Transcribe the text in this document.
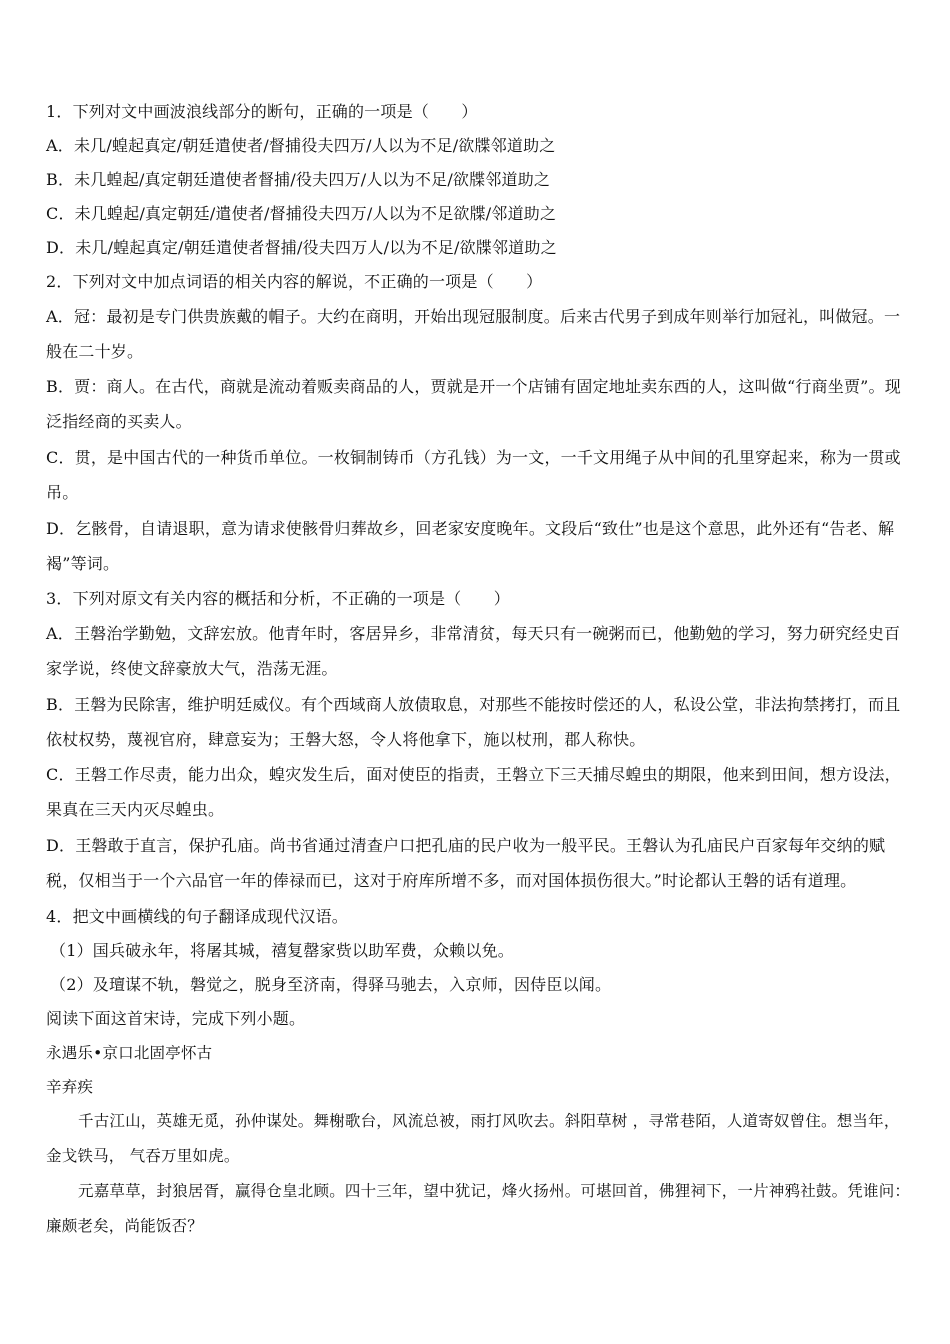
1．下列对文中画波浪线部分的断句，正确的一项是（　　）
A．未几/蝗起真定/朝廷遣使者/督捕役夫四万/人以为不足/欲牒邻道助之
B．未几蝗起/真定朝廷遣使者督捕/役夫四万/人以为不足/欲牒邻道助之
C．未几蝗起/真定朝廷/遣使者/督捕役夫四万/人以为不足欲牒/邻道助之
D．未几/蝗起真定/朝廷遣使者督捕/役夫四万人/以为不足/欲牒邻道助之
2．下列对文中加点词语的相关内容的解说，不正确的一项是（　　）
A．冠：最初是专门供贵族戴的帽子。大约在商明，开始出现冠服制度。后来古代男子到成年则举行加冠礼，叫做冠。一般在二十岁。
B．贾：商人。在古代，商就是流动着贩卖商品的人，贾就是开一个店铺有固定地址卖东西的人，这叫做“行商坐贾”。现泛指经商的买卖人。
C．贯，是中国古代的一种货币单位。一枚铜制铸币（方孔钱）为一文，一千文用绳子从中间的孔里穿起来，称为一贯或吊。
D．乞骸骨，自请退职，意为请求使骸骨归葬故乡，回老家安度晚年。文段后“致仕”也是这个意思，此外还有“告老、解褐”等词。
3．下列对原文有关内容的概括和分析，不正确的一项是（　　）
A．王磐治学勤勉，文辞宏放。他青年时，客居异乡，非常清贫，每天只有一碗粥而已，他勤勉的学习，努力研究经史百家学说，终使文辞豪放大气，浩荡无涯。
B．王磐为民除害，维护明廷威仪。有个西域商人放债取息，对那些不能按时偿还的人，私设公堂，非法拘禁拷打，而且依杖权势，蔑视官府，肆意妄为；王磐大怒，令人将他拿下，施以杖刑，郡人称快。
C．王磐工作尽责，能力出众，蝗灾发生后，面对使臣的指责，王磐立下三天捕尽蝗虫的期限，他来到田间，想方设法，果真在三天内灭尽蝗虫。
D．王磐敢于直言，保护孔庙。尚书省通过清查户口把孔庙的民户收为一般平民。王磐认为孔庙民户百家每年交纳的赋税，仅相当于一个六品官一年的俸禄而已，这对于府库所增不多，而对国体损伤很大。”时论都认王磐的话有道理。
4．把文中画横线的句子翻译成现代汉语。
（1）国兵破永年，将屠其城，禧复罄家赀以助军费，众赖以免。
（2）及璮谋不轨，磐觉之，脱身至济南，得驿马驰去，入京师，因侍臣以闻。
阅读下面这首宋诗，完成下列小题。
永遇乐•京口北固亭怀古
辛弃疾
千古江山，英雄无觅，孙仲谋处。舞榭歌台，风流总被，雨打风吹去。斜阳草树 ，寻常巷陌，人道寄奴曾住。想当年，金戈铁马， 气吞万里如虎。
元嘉草草，封狼居胥，赢得仓皇北顾。四十三年，望中犹记，烽火扬州。可堪回首，佛狸祠下，一片神鸦社鼓。凭谁问：廉颇老矣，尚能饭否？
